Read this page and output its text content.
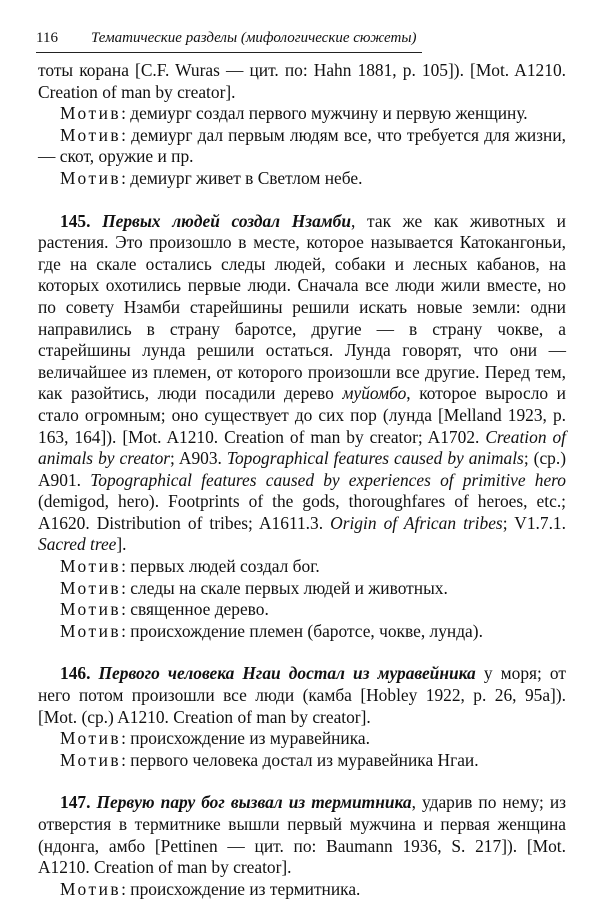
116 Тематические разделы (мифологические сюжеты)

тоты корана [C.F. Wuras — цит. по: Hahn 1881, p. 105]). [Mot. A1210. Creation of man by creator].

Мотив: демиург создал первого мужчину и первую женщину.

Мотив: демиург дал первым людям все, что требуется для жизни, — скот, оружие и пр.

Мотив: демиург живет в Светлом небе.

145. Первых людей создал Нзамби, так же как животных и растения. Это произошло в месте, которое называется Катокангоньи, где на скале остались следы людей, собаки и лесных кабанов, на которых охотились первые люди. Сначала все люди жили вместе, но по совету Нзамби старейшины решили искать новые земли: одни направились в страну баротсе, другие — в страну чокве, а старейшины лунда решили остаться. Лунда говорят, что они — величайшее из племен, от которого произошли все другие. Перед тем, как разойтись, люди посадили дерево муйомбо, которое выросло и стало огромным; оно существует до сих пор (лунда [Melland 1923, p. 163, 164]). [Mot. A1210. Creation of man by creator; A1702. Creation of animals by creator; A903. Topographical features caused by animals; (ср.) A901. Topographical features caused by experiences of primitive hero (demigod, hero). Footprints of the gods, thoroughfares of heroes, etc.; A1620. Distribution of tribes; A1611.3. Origin of African tribes; V1.7.1. Sacred tree].

Мотив: первых людей создал бог.

Мотив: следы на скале первых людей и животных.

Мотив: священное дерево.

Мотив: происхождение племен (баротсе, чокве, лунда).

146. Первого человека Нгаи достал из муравейника у моря; от него потом произошли все люди (камба [Hobley 1922, p. 26, 95a]). [Mot. (ср.) A1210. Creation of man by creator].

Мотив: происхождение из муравейника.

Мотив: первого человека достал из муравейника Нгаи.

147. Первую пару бог вызвал из термитника, ударив по нему; из отверстия в термитнике вышли первый мужчина и первая женщина (ндонга, амбо [Pettinen — цит. по: Baumann 1936, S. 217]). [Mot. A1210. Creation of man by creator].

Мотив: происхождение из термитника.
